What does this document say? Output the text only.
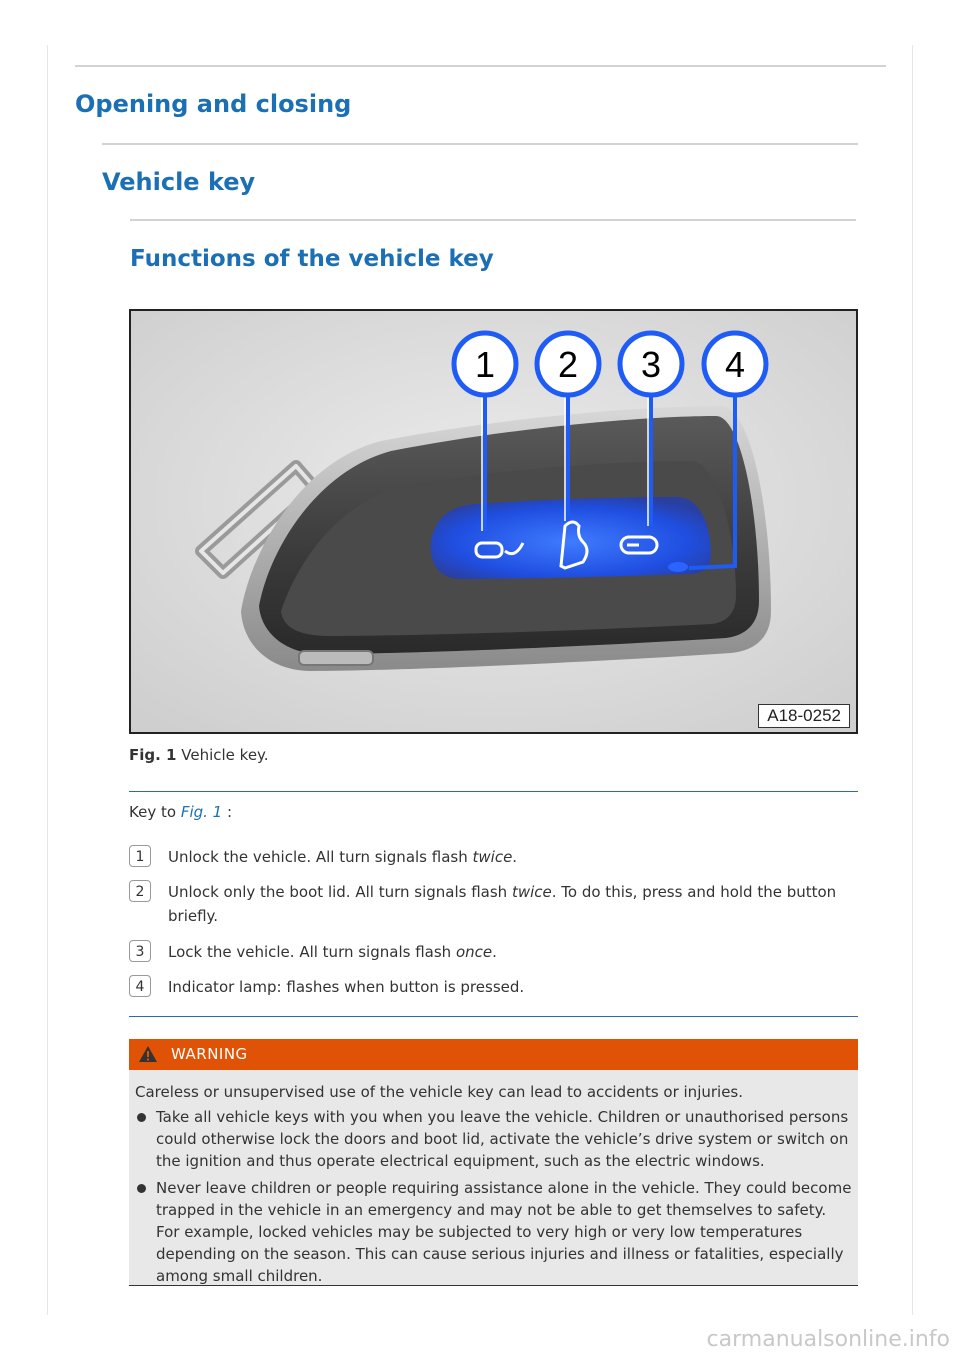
Opening and closing
Vehicle key
Functions of the vehicle key
1 2 3 4
A18-0252
Fig. 1 Vehicle key.
Key to Fig. 1 :
1	Unlock the vehicle. All turn signals flash twice.
2	Unlock only the boot lid. All turn signals flash twice. To do this, press and hold the button briefly.
3	Lock the vehicle. All turn signals flash once.
4	Indicator lamp: flashes when button is pressed.
WARNING
Careless or unsupervised use of the vehicle key can lead to accidents or injuries.
Take all vehicle keys with you when you leave the vehicle. Children or unauthorised persons could otherwise lock the doors and boot lid, activate the vehicle’s drive system or switch on the ignition and thus operate electrical equipment, such as the electric windows.
Never leave children or people requiring assistance alone in the vehicle. They could become trapped in the vehicle in an emergency and may not be able to get themselves to safety. For example, locked vehicles may be subjected to very high or very low temperatures depending on the season. This can cause serious injuries and illness or fatalities, especially among small children.
carmanualsonline.info
